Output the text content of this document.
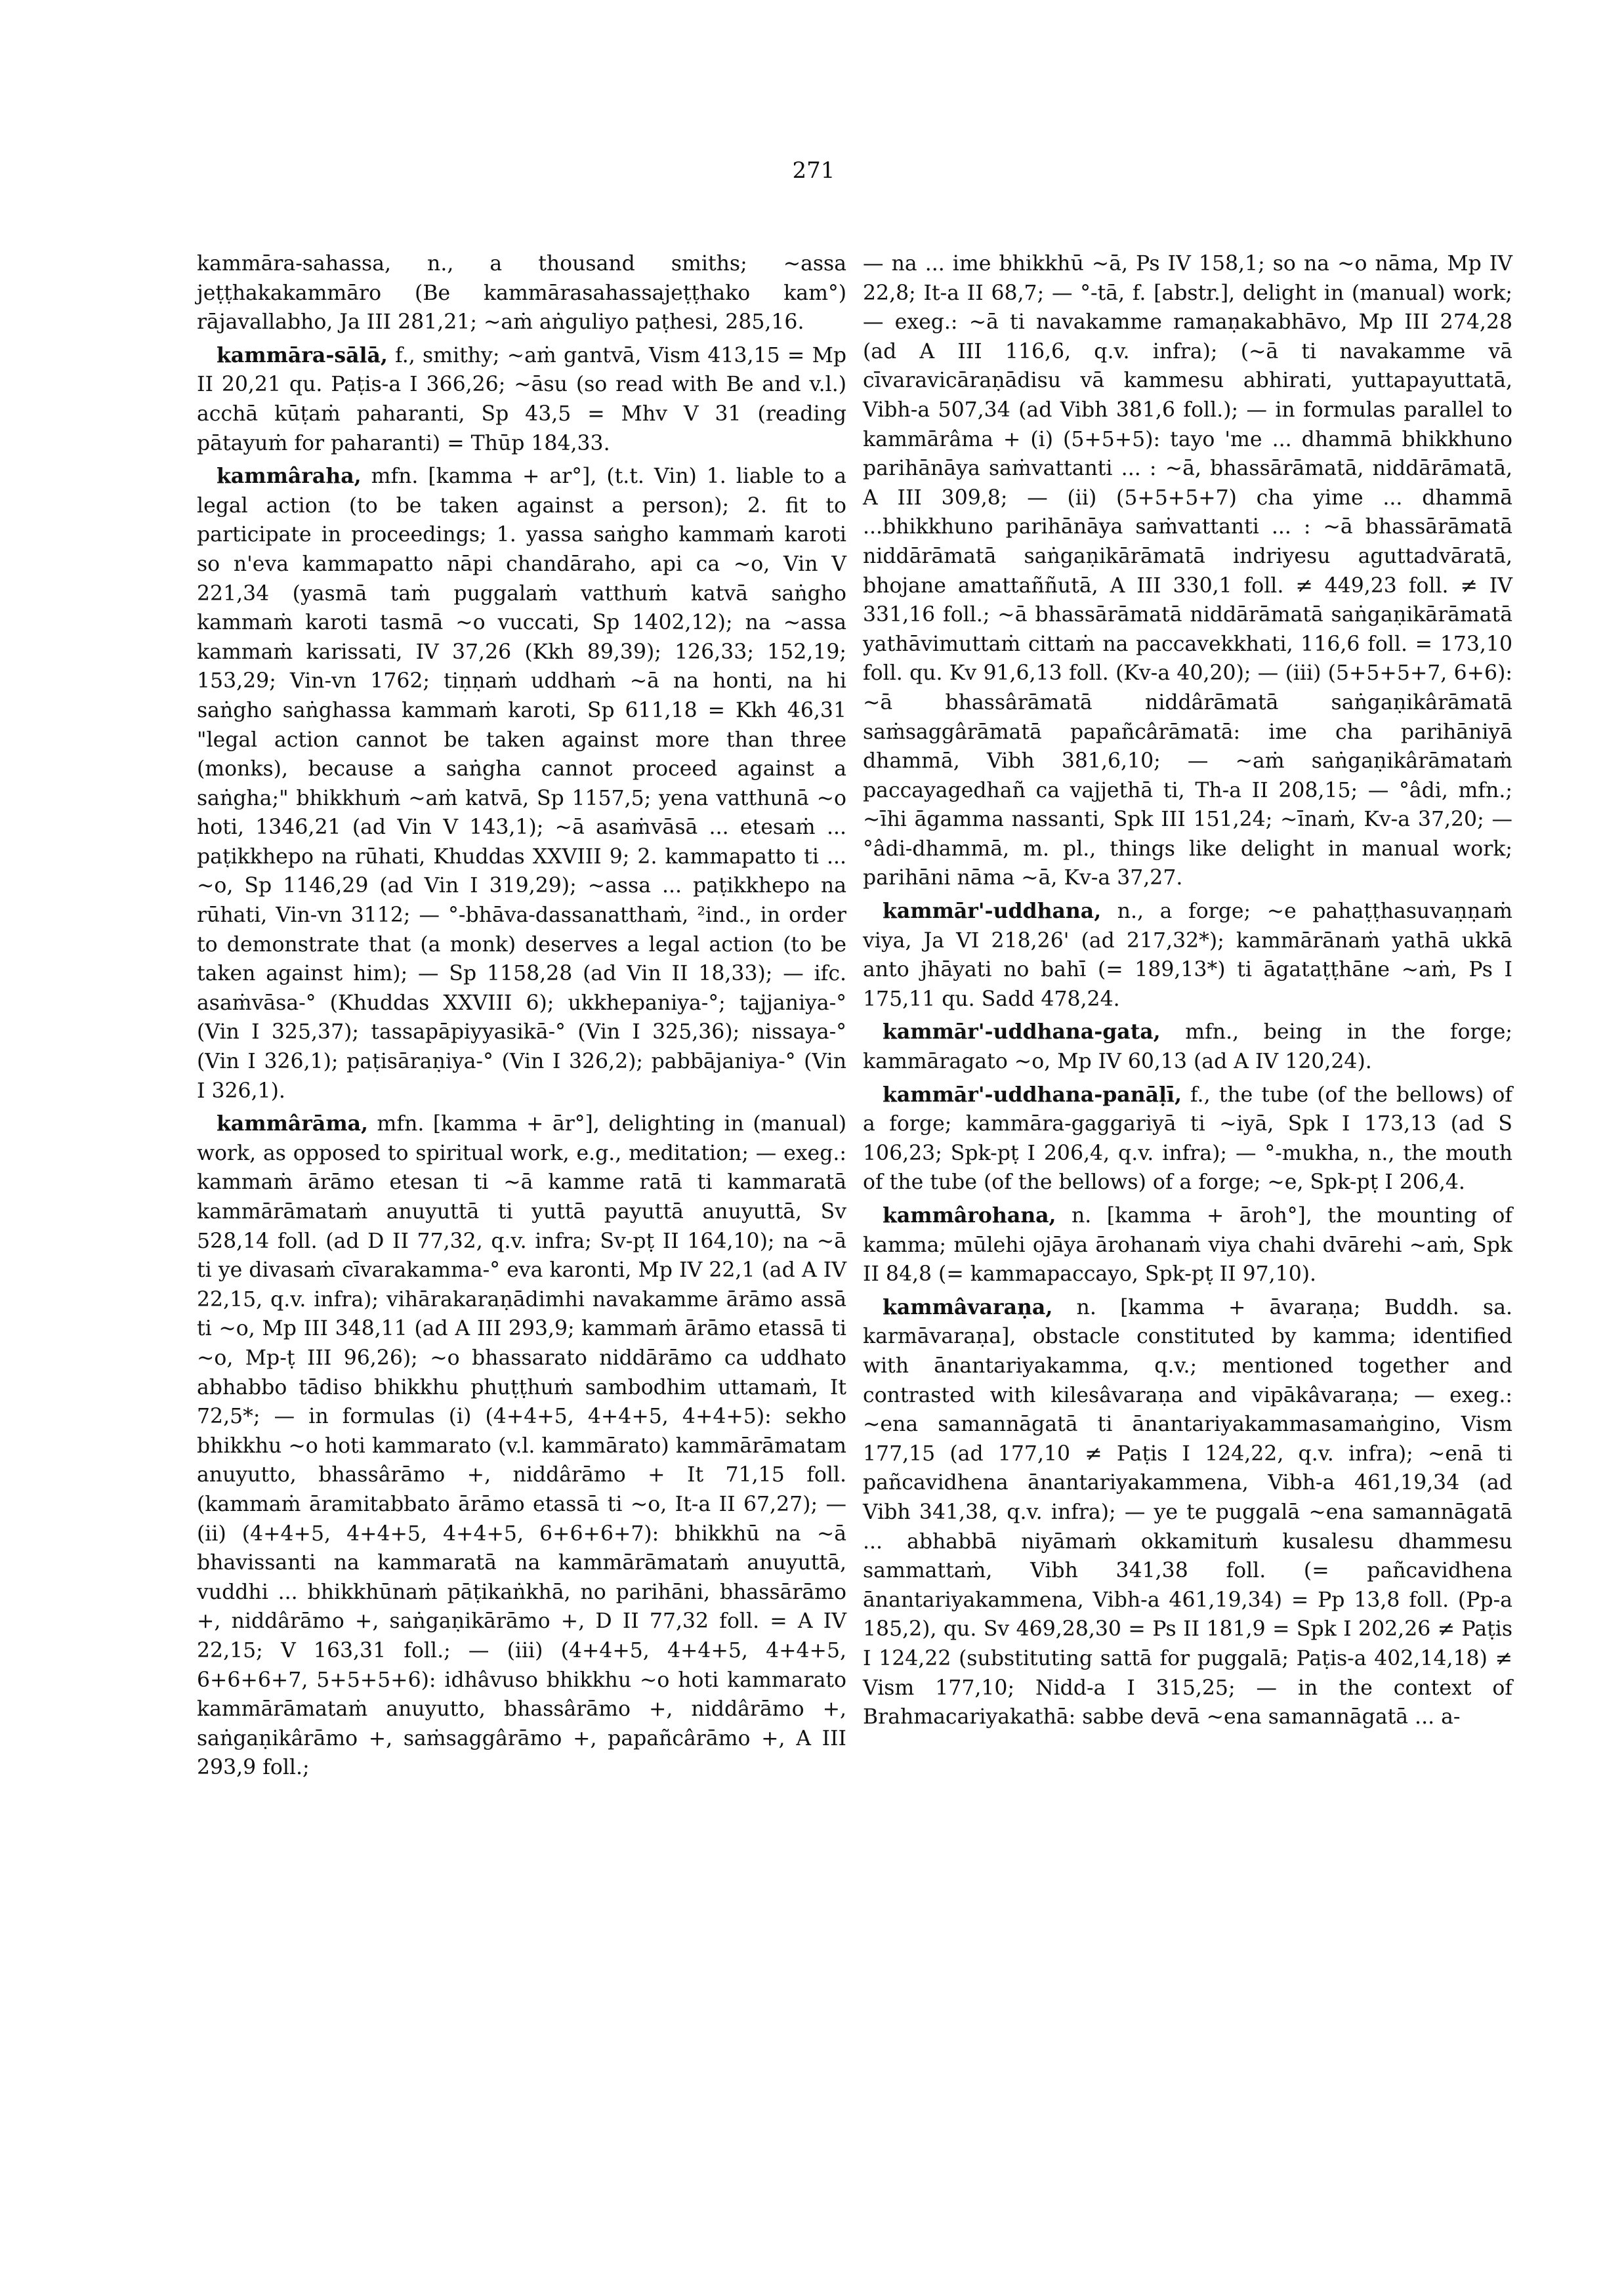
271

kammāra-sahassa, n., a thousand smiths; ~assa jeṭṭhakakammāro (Be kammārasahassajeṭṭhako kam°) rājavallabho, Ja III 281,21; ~aṁ aṅguliyo paṭhesi, 285,16.

kammāra-sālā, f., smithy; ~aṁ gantvā, Vism 413,15 = Mp II 20,21 qu. Paṭis-a I 366,26; ~āsu (so read with Be and v.l.) acchā kūṭaṁ paharanti, Sp 43,5 = Mhv V 31 (reading pātayuṁ for paharanti) = Thūp 184,33.

kammâraha, mfn. [kamma + ar°], (t.t. Vin) 1. liable to a legal action (to be taken against a person); 2. fit to participate in proceedings; 1. yassa saṅgho kammaṁ karoti so n'eva kammapatto nāpi chandāraho, api ca ~o, Vin V 221,34 (yasmā taṁ puggalaṁ vatthuṁ katvā saṅgho kammaṁ karoti tasmā ~o vuccati, Sp 1402,12); na ~assa kammaṁ karissati, IV 37,26 (Kkh 89,39); 126,33; 152,19; 153,29; Vin-vn 1762; tiṇṇaṁ uddhaṁ ~ā na honti, na hi saṅgho saṅghassa kammaṁ karoti, Sp 611,18 = Kkh 46,31 "legal action cannot be taken against more than three (monks), because a saṅgha cannot proceed against a saṅgha;" bhikkhuṁ ~aṁ katvā, Sp 1157,5; yena vatthunā ~o hoti, 1346,21 (ad Vin V 143,1); ~ā asaṁvāsā ... etesaṁ ... paṭikkhepo na rūhati, Khuddas XXVIII 9; 2. kammapatto ti ... ~o, Sp 1146,29 (ad Vin I 319,29); ~assa ... paṭikkhepo na rūhati, Vin-vn 3112; — °-bhāva-dassanatthaṁ, ²ind., in order to demonstrate that (a monk) deserves a legal action (to be taken against him); — Sp 1158,28 (ad Vin II 18,33); — ifc. asaṁvāsa-° (Khuddas XXVIII 6); ukkhepaniya-°; tajjaniya-° (Vin I 325,37); tassapāpiyyasikā-° (Vin I 325,36); nissaya-° (Vin I 326,1); paṭisāraṇiya-° (Vin I 326,2); pabbājaniya-° (Vin I 326,1).

kammârāma, mfn. [kamma + ār°], delighting in (manual) work, as opposed to spiritual work, e.g., meditation; — exeg.: kammaṁ ārāmo etesan ti ~ā kamme ratā ti kammaratā kammārāmataṁ anuyuttā ti yuttā payuttā anuyuttā, Sv 528,14 foll. (ad D II 77,32, q.v. infra; Sv-pṭ II 164,10); na ~ā ti ye divasaṁ cīvarakamma-° eva karonti, Mp IV 22,1 (ad A IV 22,15, q.v. infra); vihārakaraṇādimhi navakamme ārāmo assā ti ~o, Mp III 348,11 (ad A III 293,9; kammaṁ ārāmo etassā ti ~o, Mp-ṭ III 96,26); ~o bhassarato niddārāmo ca uddhato abhabbo tādiso bhikkhu phuṭṭhuṁ sambodhim uttamaṁ, It 72,5*; — in formulas (i) (4+4+5, 4+4+5, 4+4+5): sekho bhikkhu ~o hoti kammarato (v.l. kammārato) kammārāmatam anuyutto, bhassârāmo +, niddârāmo + It 71,15 foll. (kammaṁ āramitabbato ārāmo etassā ti ~o, It-a II 67,27); — (ii) (4+4+5, 4+4+5, 4+4+5, 6+6+6+7): bhikkhū na ~ā bhavissanti na kammaratā na kammārāmataṁ anuyuttā, vuddhi ... bhikkhūnaṁ pāṭikaṅkhā, no parihāni, bhassārāmo +, niddârāmo +, saṅgaṇikārāmo +, D II 77,32 foll. = A IV 22,15; V 163,31 foll.; — (iii) (4+4+5, 4+4+5, 4+4+5, 6+6+6+7, 5+5+5+6): idhâvuso bhikkhu ~o hoti kammarato kammārāmataṁ anuyutto, bhassârāmo +, niddârāmo +, saṅgaṇikârāmo +, saṁsaggârāmo +, papañcârāmo +, A III 293,9 foll.;

— na ... ime bhikkhū ~ā, Ps IV 158,1; so na ~o nāma, Mp IV 22,8; It-a II 68,7; — °-tā, f. [abstr.], delight in (manual) work; — exeg.: ~ā ti navakamme ramaṇakabhāvo, Mp III 274,28 (ad A III 116,6, q.v. infra); (~ā ti navakamme vā cīvaravicāraṇādisu vā kammesu abhirati, yuttapayuttatā, Vibh-a 507,34 (ad Vibh 381,6 foll.); — in formulas parallel to kammārâma + (i) (5+5+5): tayo 'me ... dhammā bhikkhuno parihānāya saṁvattanti ... : ~ā, bhassārāmatā, niddārāmatā, A III 309,8; — (ii) (5+5+5+7) cha yime ... dhammā ...bhikkhuno parihānāya saṁvattanti ... : ~ā bhassārāmatā niddārāmatā saṅgaṇikārāmatā indriyesu aguttadvāratā, bhojane amattaññutā, A III 330,1 foll. ≠ 449,23 foll. ≠ IV 331,16 foll.; ~ā bhassārāmatā niddārāmatā saṅgaṇikārāmatā yathāvimuttaṁ cittaṁ na paccavekkhati, 116,6 foll. = 173,10 foll. qu. Kv 91,6,13 foll. (Kv-a 40,20); — (iii) (5+5+5+7, 6+6): ~ā bhassârāmatā niddârāmatā saṅgaṇikârāmatā saṁsaggârāmatā papañcârāmatā: ime cha parihāniyā dhammā, Vibh 381,6,10; — ~aṁ saṅgaṇikârāmataṁ paccayagedhañ ca vajjethā ti, Th-a II 208,15; — °âdi, mfn.; ~īhi āgamma nassanti, Spk III 151,24; ~īnaṁ, Kv-a 37,20; — °âdi-dhammā, m. pl., things like delight in manual work; parihāni nāma ~ā, Kv-a 37,27.

kammār'-uddhana, n., a forge; ~e pahaṭṭhasuvaṇṇaṁ viya, Ja VI 218,26' (ad 217,32*); kammārānaṁ yathā ukkā anto jhāyati no bahī (= 189,13*) ti āgataṭṭhāne ~aṁ, Ps I 175,11 qu. Sadd 478,24.

kammār'-uddhana-gata, mfn., being in the forge; kammāragato ~o, Mp IV 60,13 (ad A IV 120,24).

kammār'-uddhana-panāḷī, f., the tube (of the bellows) of a forge; kammāra-gaggariyā ti ~iyā, Spk I 173,13 (ad S 106,23; Spk-pṭ I 206,4, q.v. infra); — °-mukha, n., the mouth of the tube (of the bellows) of a forge; ~e, Spk-pṭ I 206,4.

kammârohana, n. [kamma + āroh°], the mounting of kamma; mūlehi ojāya ārohanaṁ viya chahi dvārehi ~aṁ, Spk II 84,8 (= kammapaccayo, Spk-pṭ II 97,10).

kammâvaraṇa, n. [kamma + āvaraṇa; Buddh. sa. karmāvaraṇa], obstacle constituted by kamma; identified with ānantariyakamma, q.v.; mentioned together and contrasted with kilesâvaraṇa and vipākâvaraṇa; — exeg.: ~ena samannāgatā ti ānantariyakammasamaṅgino, Vism 177,15 (ad 177,10 ≠ Paṭis I 124,22, q.v. infra); ~enā ti pañcavidhena ānantariyakammena, Vibh-a 461,19,34 (ad Vibh 341,38, q.v. infra); — ye te puggalā ~ena samannāgatā ... abhabbā niyāmaṁ okkamituṁ kusalesu dhammesu sammattaṁ, Vibh 341,38 foll. (= pañcavidhena ānantariyakammena, Vibh-a 461,19,34) = Pp 13,8 foll. (Pp-a 185,2), qu. Sv 469,28,30 = Ps II 181,9 = Spk I 202,26 ≠ Paṭis I 124,22 (substituting sattā for puggalā; Paṭis-a 402,14,18) ≠ Vism 177,10; Nidd-a I 315,25; — in the context of Brahmacariyakathā: sabbe devā ~ena samannāgatā ... a-
